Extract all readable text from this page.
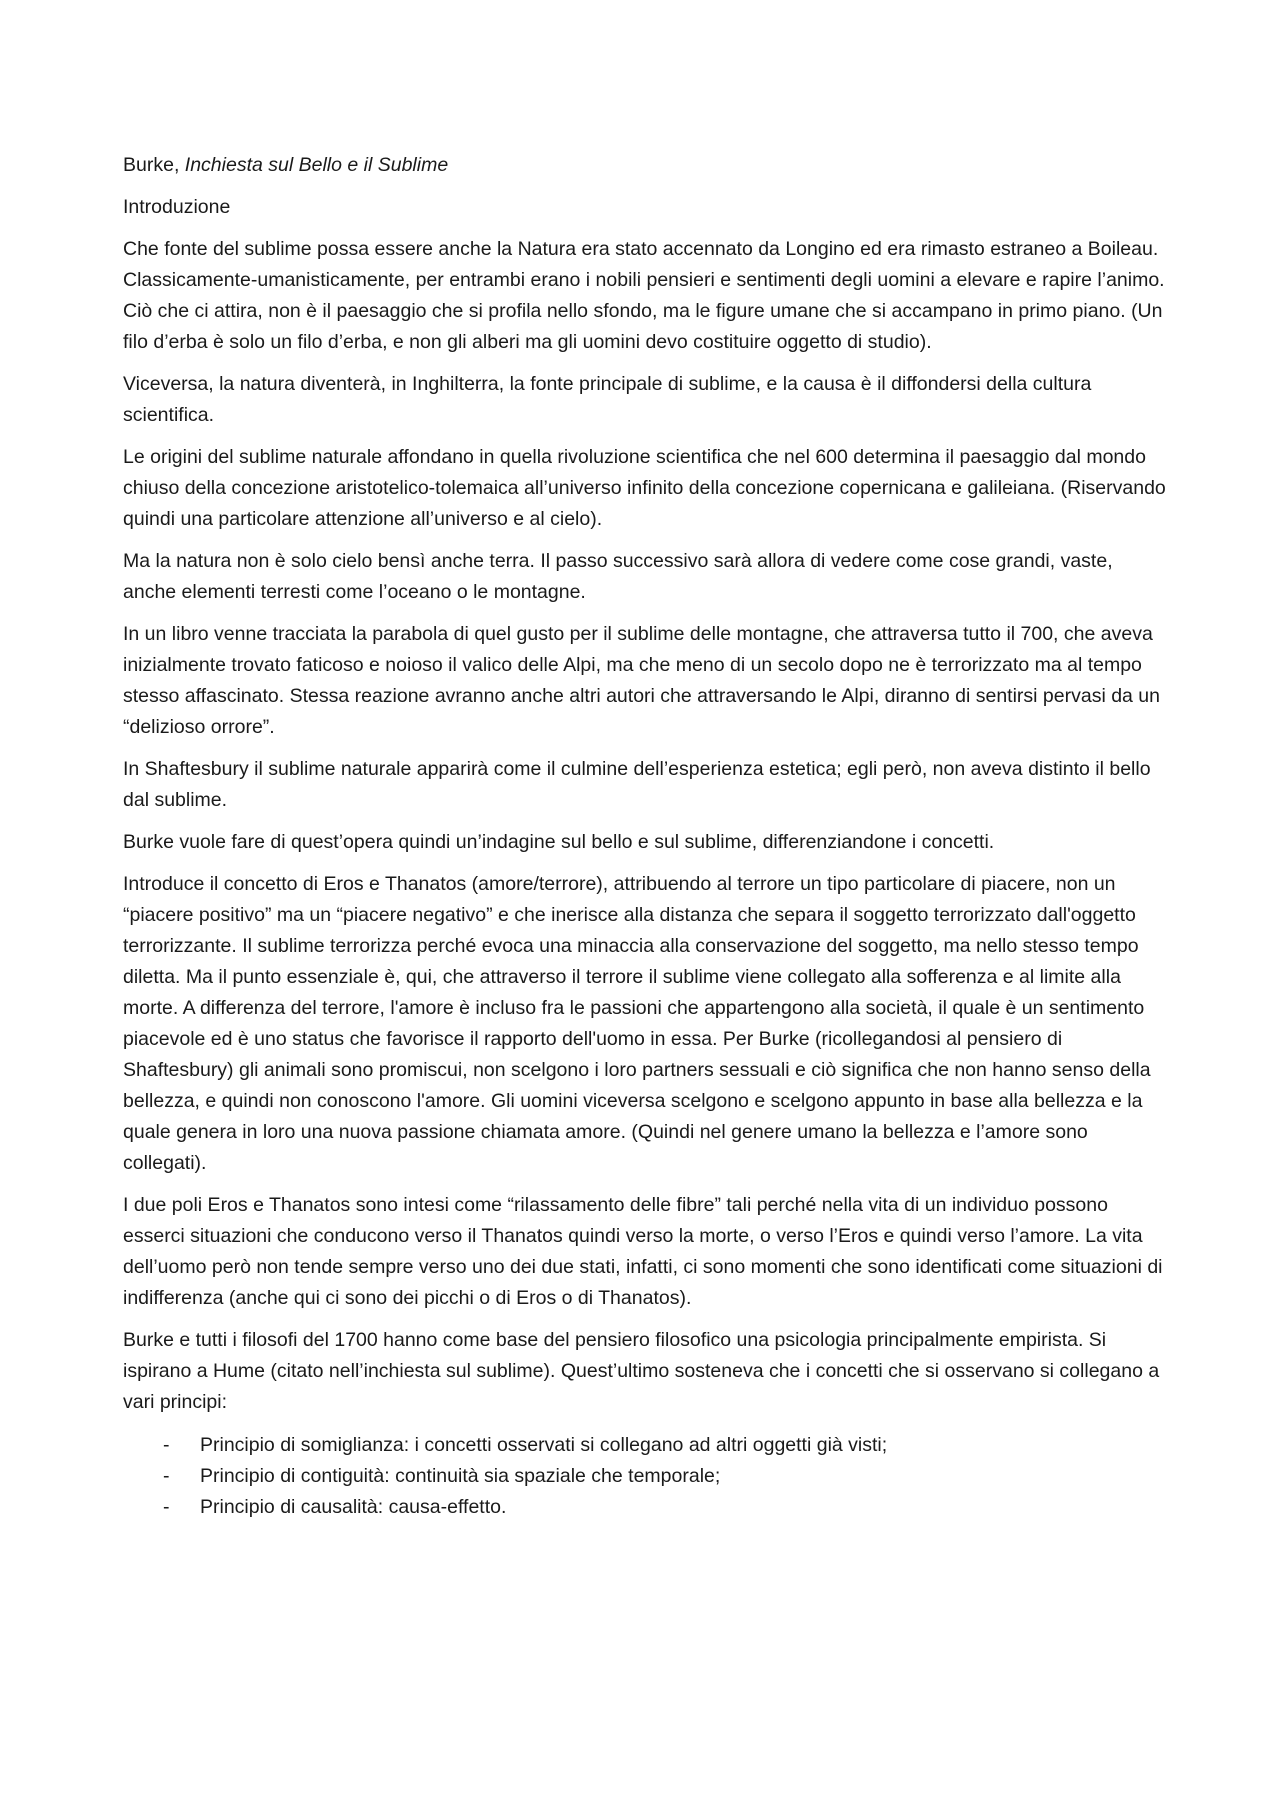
Burke, Inchiesta sul Bello e il Sublime

Introduzione

Che fonte del sublime possa essere anche la Natura era stato accennato da Longino ed era rimasto estraneo a Boileau. Classicamente-umanisticamente, per entrambi erano i nobili pensieri e sentimenti degli uomini a elevare e rapire l’animo. Ciò che ci attira, non è il paesaggio che si profila nello sfondo, ma le figure umane che si accampano in primo piano. (Un filo d’erba è solo un filo d’erba, e non gli alberi ma gli uomini devo costituire oggetto di studio).

Viceversa, la natura diventerà, in Inghilterra, la fonte principale di sublime, e la causa è il diffondersi della cultura scientifica.

Le origini del sublime naturale affondano in quella rivoluzione scientifica che nel 600 determina il paesaggio dal mondo chiuso della concezione aristotelico-tolemaica all’universo infinito della concezione copernicana e galileiana. (Riservando quindi una particolare attenzione all’universo e al cielo).

Ma la natura non è solo cielo bensì anche terra. Il passo successivo sarà allora di vedere come cose grandi, vaste, anche elementi terresti come l’oceano o le montagne.

In un libro venne tracciata la parabola di quel gusto per il sublime delle montagne, che attraversa tutto il 700, che aveva inizialmente trovato faticoso e noioso il valico delle Alpi, ma che meno di un secolo dopo ne è terrorizzato ma al tempo stesso affascinato. Stessa reazione avranno anche altri autori che attraversando le Alpi, diranno di sentirsi pervasi da un “delizioso orrore”.

In Shaftesbury il sublime naturale apparirà come il culmine dell’esperienza estetica; egli però, non aveva distinto il bello dal sublime.

Burke vuole fare di quest’opera quindi un’indagine sul bello e sul sublime, differenziandone i concetti.

Introduce il concetto di Eros e Thanatos (amore/terrore), attribuendo al terrore un tipo particolare di piacere, non un “piacere positivo” ma un “piacere negativo” e che inerisce alla distanza che separa il soggetto terrorizzato dall'oggetto terrorizzante. Il sublime terrorizza perché evoca una minaccia alla conservazione del soggetto, ma nello stesso tempo diletta. Ma il punto essenziale è, qui, che attraverso il terrore il sublime viene collegato alla sofferenza e al limite alla morte. A differenza del terrore, l'amore è incluso fra le passioni che appartengono alla società, il quale è un sentimento piacevole ed è uno status che favorisce il rapporto dell'uomo in essa. Per Burke (ricollegandosi al pensiero di Shaftesbury) gli animali sono promiscui, non scelgono i loro partners sessuali e ciò significa che non hanno senso della bellezza, e quindi non conoscono l'amore. Gli uomini viceversa scelgono e scelgono appunto in base alla bellezza e la quale genera in loro una nuova passione chiamata amore. (Quindi nel genere umano la bellezza e l’amore sono collegati).

I due poli Eros e Thanatos sono intesi come “rilassamento delle fibre” tali perché nella vita di un individuo possono esserci situazioni che conducono verso il Thanatos quindi verso la morte, o verso l’Eros e quindi verso l’amore. La vita dell’uomo però non tende sempre verso uno dei due stati, infatti, ci sono momenti che sono identificati come situazioni di indifferenza (anche qui ci sono dei picchi o di Eros o di Thanatos).

Burke e tutti i filosofi del 1700 hanno come base del pensiero filosofico una psicologia principalmente empirista. Si ispirano a Hume (citato nell’inchiesta sul sublime). Quest’ultimo sosteneva che i concetti che si osservano si collegano a vari principi:

- Principio di somiglianza: i concetti osservati si collegano ad altri oggetti già visti;
- Principio di contiguità: continuità sia spaziale che temporale;
- Principio di causalità: causa-effetto.
